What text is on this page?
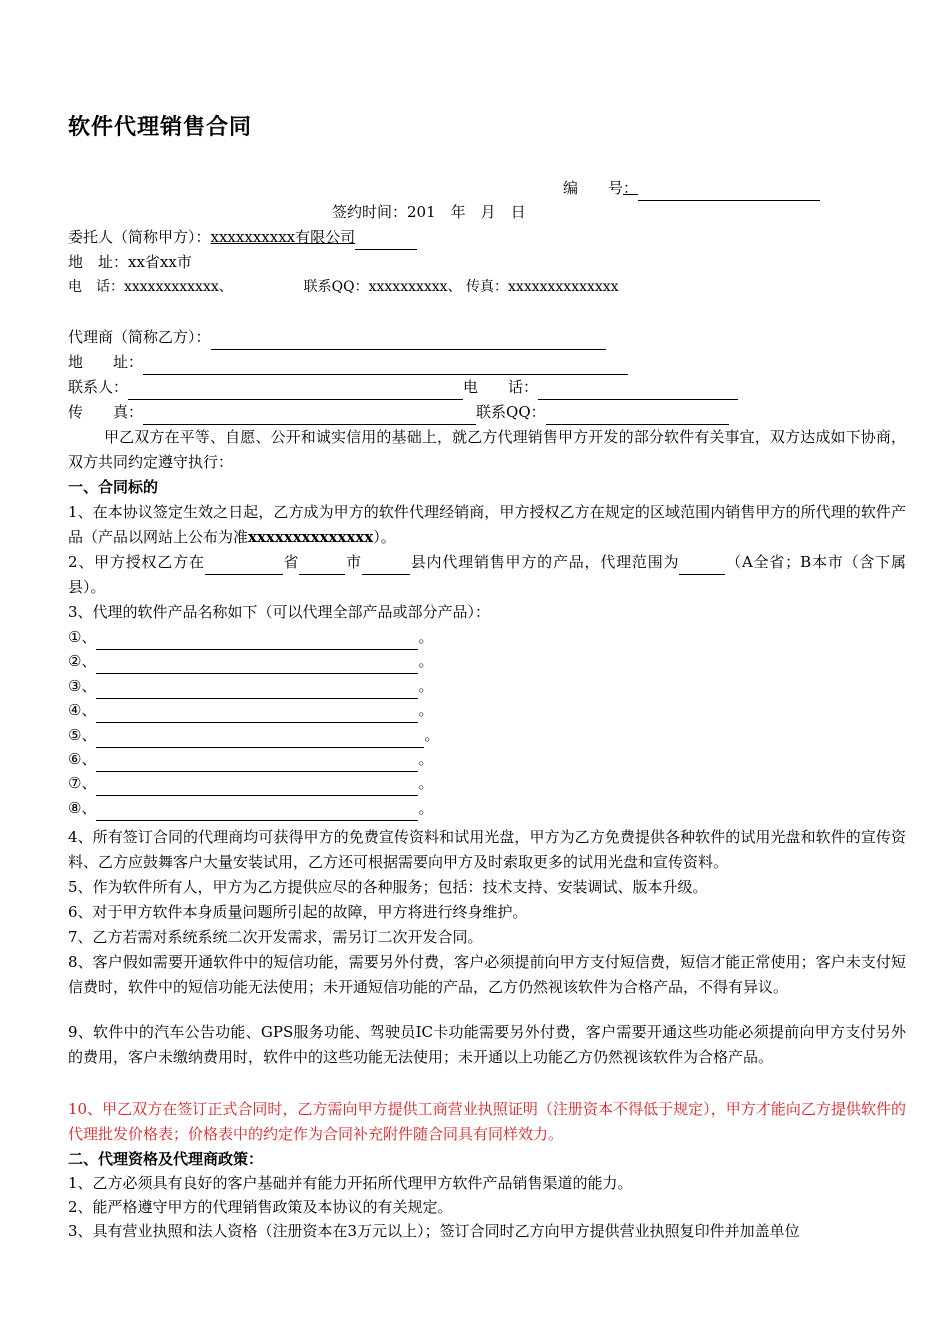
软件代理销售合同
编　　号：
签约时间：201　年　月　日
委托人（简称甲方）：xxxxxxxxxx有限公司
地　址：xx省xx市
电　话：xxxxxxxxxxxx、	联系QQ：xxxxxxxxxx、 传真：xxxxxxxxxxxxxx
代理商（简称乙方）：
地　　址：
联系人：	电　　话：
传　　真：	联系QQ：
甲乙双方在平等、自愿、公开和诚实信用的基础上，就乙方代理销售甲方开发的部分软件有关事宜，双方达成如下协商，双方共同约定遵守执行：
一、合同标的
1、在本协议签定生效之日起，乙方成为甲方的软件代理经销商，甲方授权乙方在规定的区域范围内销售甲方的所代理的软件产品（产品以网站上公布为准xxxxxxxxxxxxxx）。
2、甲方授权乙方在	省	市	县内代理销售甲方的产品，代理范围为	（A全省；B本市（含下属县）。
3、代理的软件产品名称如下（可以代理全部产品或部分产品）：
①、	。
②、	。
③、	。
④、	。
⑤、	。
⑥、	。
⑦、	。
⑧、	。
4、所有签订合同的代理商均可获得甲方的免费宣传资料和试用光盘，甲方为乙方免费提供各种软件的试用光盘和软件的宣传资料、乙方应鼓舞客户大量安装试用，乙方还可根据需要向甲方及时索取更多的试用光盘和宣传资料。
5、作为软件所有人，甲方为乙方提供应尽的各种服务；包括：技术支持、安装调试、版本升级。
6、对于甲方软件本身质量问题所引起的故障，甲方将进行终身维护。
7、乙方若需对系统系统二次开发需求，需另订二次开发合同。
8、客户假如需要开通软件中的短信功能，需要另外付费，客户必须提前向甲方支付短信费，短信才能正常使用；客户未支付短信费时，软件中的短信功能无法使用；未开通短信功能的产品，乙方仍然视该软件为合格产品，不得有异议。
9、软件中的汽车公告功能、GPS服务功能、驾驶员IC卡功能需要另外付费，客户需要开通这些功能必须提前向甲方支付另外的费用，客户未缴纳费用时，软件中的这些功能无法使用；未开通以上功能乙方仍然视该软件为合格产品。
10、甲乙双方在签订正式合同时，乙方需向甲方提供工商营业执照证明（注册资本不得低于规定），甲方才能向乙方提供软件的代理批发价格表；价格表中的约定作为合同补充附件随合同具有同样效力。
二、代理资格及代理商政策：
1、乙方必须具有良好的客户基础并有能力开拓所代理甲方软件产品销售渠道的能力。
2、能严格遵守甲方的代理销售政策及本协议的有关规定。
3、具有营业执照和法人资格（注册资本在3万元以上）；签订合同时乙方向甲方提供营业执照复印件并加盖单位
